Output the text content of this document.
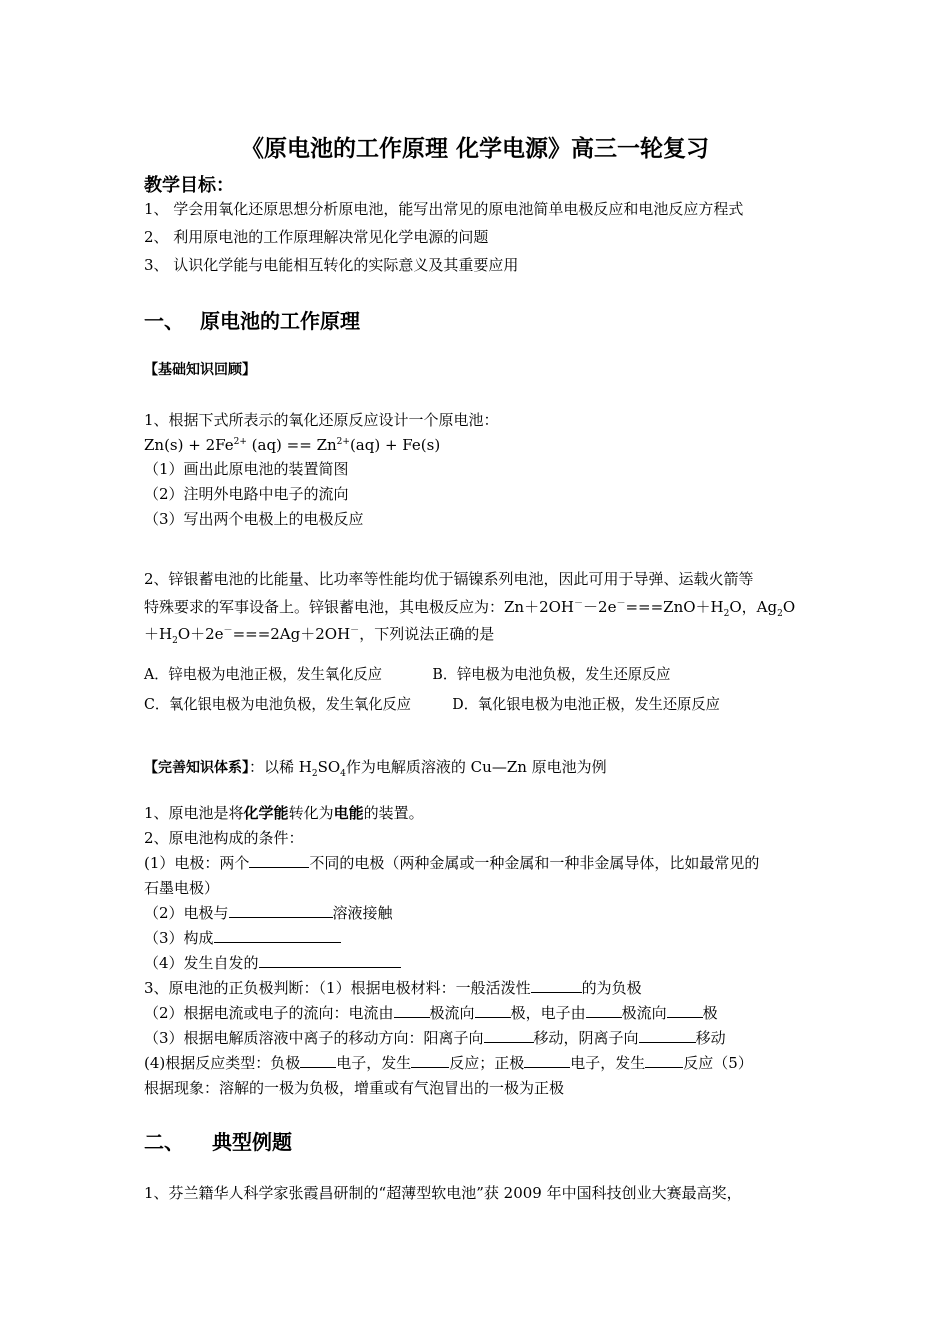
《原电池的工作原理 化学电源》高三一轮复习
教学目标：
1、 学会用氧化还原思想分析原电池，能写出常见的原电池简单电极反应和电池反应方程式
2、 利用原电池的工作原理解决常见化学电源的问题
3、 认识化学能与电能相互转化的实际意义及其重要应用
一、 原电池的工作原理
【基础知识回顾】
1、根据下式所表示的氧化还原反应设计一个原电池：
$Zn(s) + 2Fe^{2+}$ $(aq) == Zn^{2+}(aq) + Fe(s)$
（1）画出此原电池的装置简图
（2）注明外电路中电子的流向
（3）写出两个电极上的电极反应
2、锌银蓄电池的比能量、比功率等性能均优于镉镍系列电池，因此可用于导弹、运载火箭等
特殊要求的军事设备上。锌银蓄电池，其电极反应为：$Zn+2OH^--2e^-===ZnO+H_2O$，$Ag_2O$
$+H_2O+2e^-===2Ag+2OH^-$，下列说法正确的是
A．锌电极为电池正极，发生氧化反应	B．锌电极为电池负极，发生还原反应
C．氧化银电极为电池负极，发生氧化反应	D．氧化银电极为电池正极，发生还原反应
【完善知识体系】：以稀 $H_2SO_4$作为电解质溶液的 Cu—Zn 原电池为例
1、原电池是将化学能转化为电能的装置。
2、原电池构成的条件：
(1）电极：两个	不同的电极（两种金属或一种金属和一种非金属导体，比如最常见的
石墨电极）
（2）电极与	溶液接触
（3）构成
（4）发生自发的
3、原电池的正负极判断：（1）根据电极材料：一般活泼性	的为负极
（2）根据电流或电子的流向：电流由 极流向 极，电子由 极流向 极
（3）根据电解质溶液中离子的移动方向：阳离子向	移动，阴离子向	移动
(4)根据反应类型：负极 电子，发生	反应；正极	电子，发生	反应（5）
根据现象：溶解的一极为负极，增重或有气泡冒出的一极为正极
二、 典型例题
1、芬兰籍华人科学家张霞昌研制的“超薄型软电池”获 2009 年中国科技创业大赛最高奖，
